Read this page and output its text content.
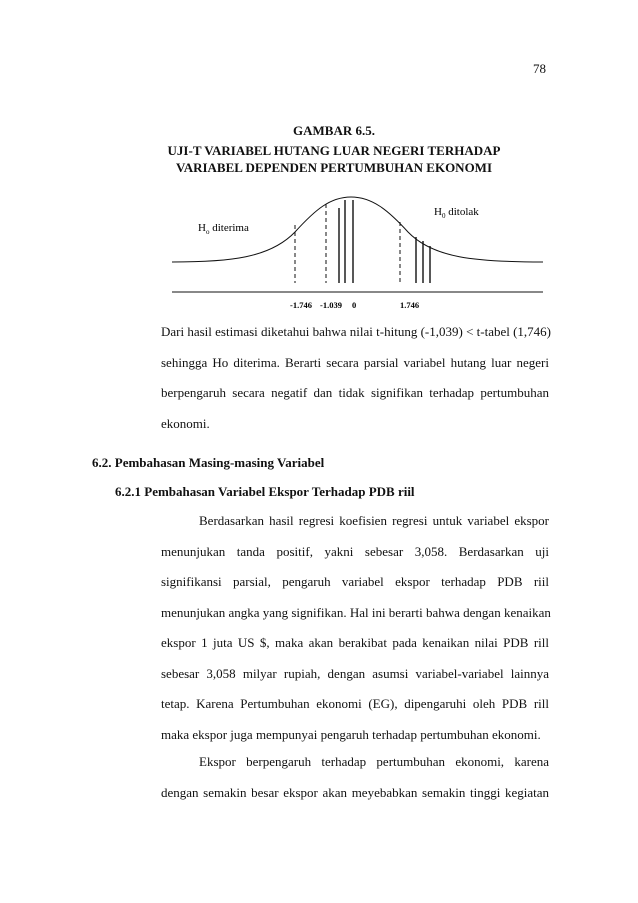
78
GAMBAR 6.5.
UJI-T VARIABEL HUTANG LUAR NEGERI TERHADAP
VARIABEL DEPENDEN PERTUMBUHAN EKONOMI
$H_o$ diterima
$H_0$ ditolak
-1.746 -1.039 0	1.746
Dari hasil estimasi diketahui bahwa nilai t-hitung (-1,039) < t-tabel (1,746)
sehingga Ho diterima. Berarti secara parsial variabel hutang luar negeri
berpengaruh secara negatif dan tidak signifikan terhadap pertumbuhan
ekonomi.
6.2. Pembahasan Masing-masing Variabel
6.2.1 Pembahasan Variabel Ekspor Terhadap PDB riil
Berdasarkan hasil regresi koefisien regresi untuk variabel ekspor
menunjukan tanda positif, yakni sebesar 3,058. Berdasarkan uji
signifikansi parsial, pengaruh variabel ekspor terhadap PDB riil
menunjukan angka yang signifikan. Hal ini berarti bahwa dengan kenaikan
ekspor 1 juta US $, maka akan berakibat pada kenaikan nilai PDB rill
sebesar 3,058 milyar rupiah, dengan asumsi variabel-variabel lainnya
tetap. Karena Pertumbuhan ekonomi (EG), dipengaruhi oleh PDB rill
maka ekspor juga mempunyai pengaruh terhadap pertumbuhan ekonomi.
Ekspor berpengaruh terhadap pertumbuhan ekonomi, karena
dengan semakin besar ekspor akan meyebabkan semakin tinggi kegiatan
